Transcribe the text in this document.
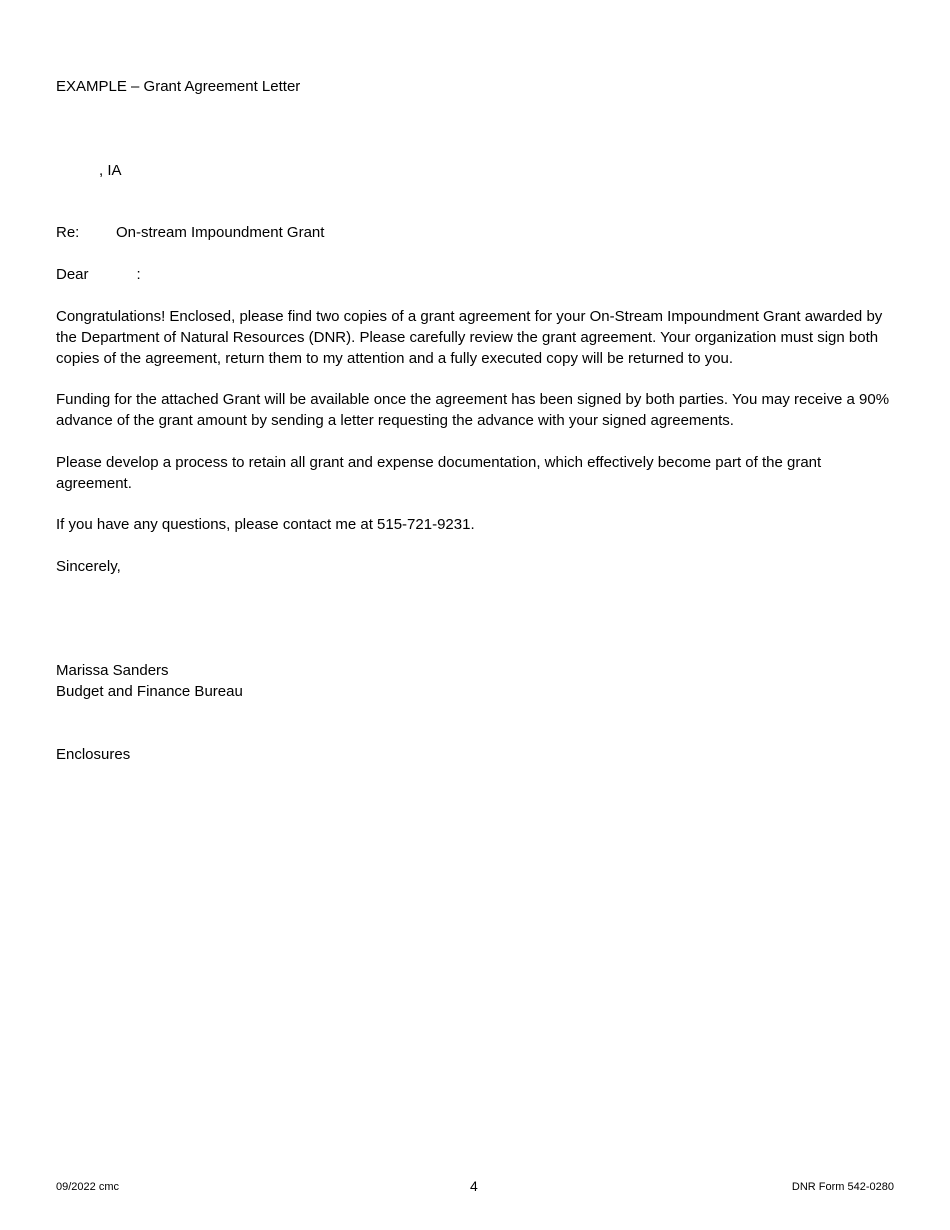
EXAMPLE – Grant Agreement Letter
, IA
Re: On-stream Impoundment Grant
Dear	:
Congratulations! Enclosed, please find two copies of a grant agreement for your On-Stream Impoundment Grant awarded by the Department of Natural Resources (DNR). Please carefully review the grant agreement. Your organization must sign both copies of the agreement, return them to my attention and a fully executed copy will be returned to you.
Funding for the attached Grant will be available once the agreement has been signed by both parties. You may receive a 90% advance of the grant amount by sending a letter requesting the advance with your signed agreements.
Please develop a process to retain all grant and expense documentation, which effectively become part of the grant agreement.
If you have any questions, please contact me at 515-721-9231.
Sincerely,
Marissa Sanders
Budget and Finance Bureau
Enclosures
09/2022 cmc	4	DNR Form 542-0280
